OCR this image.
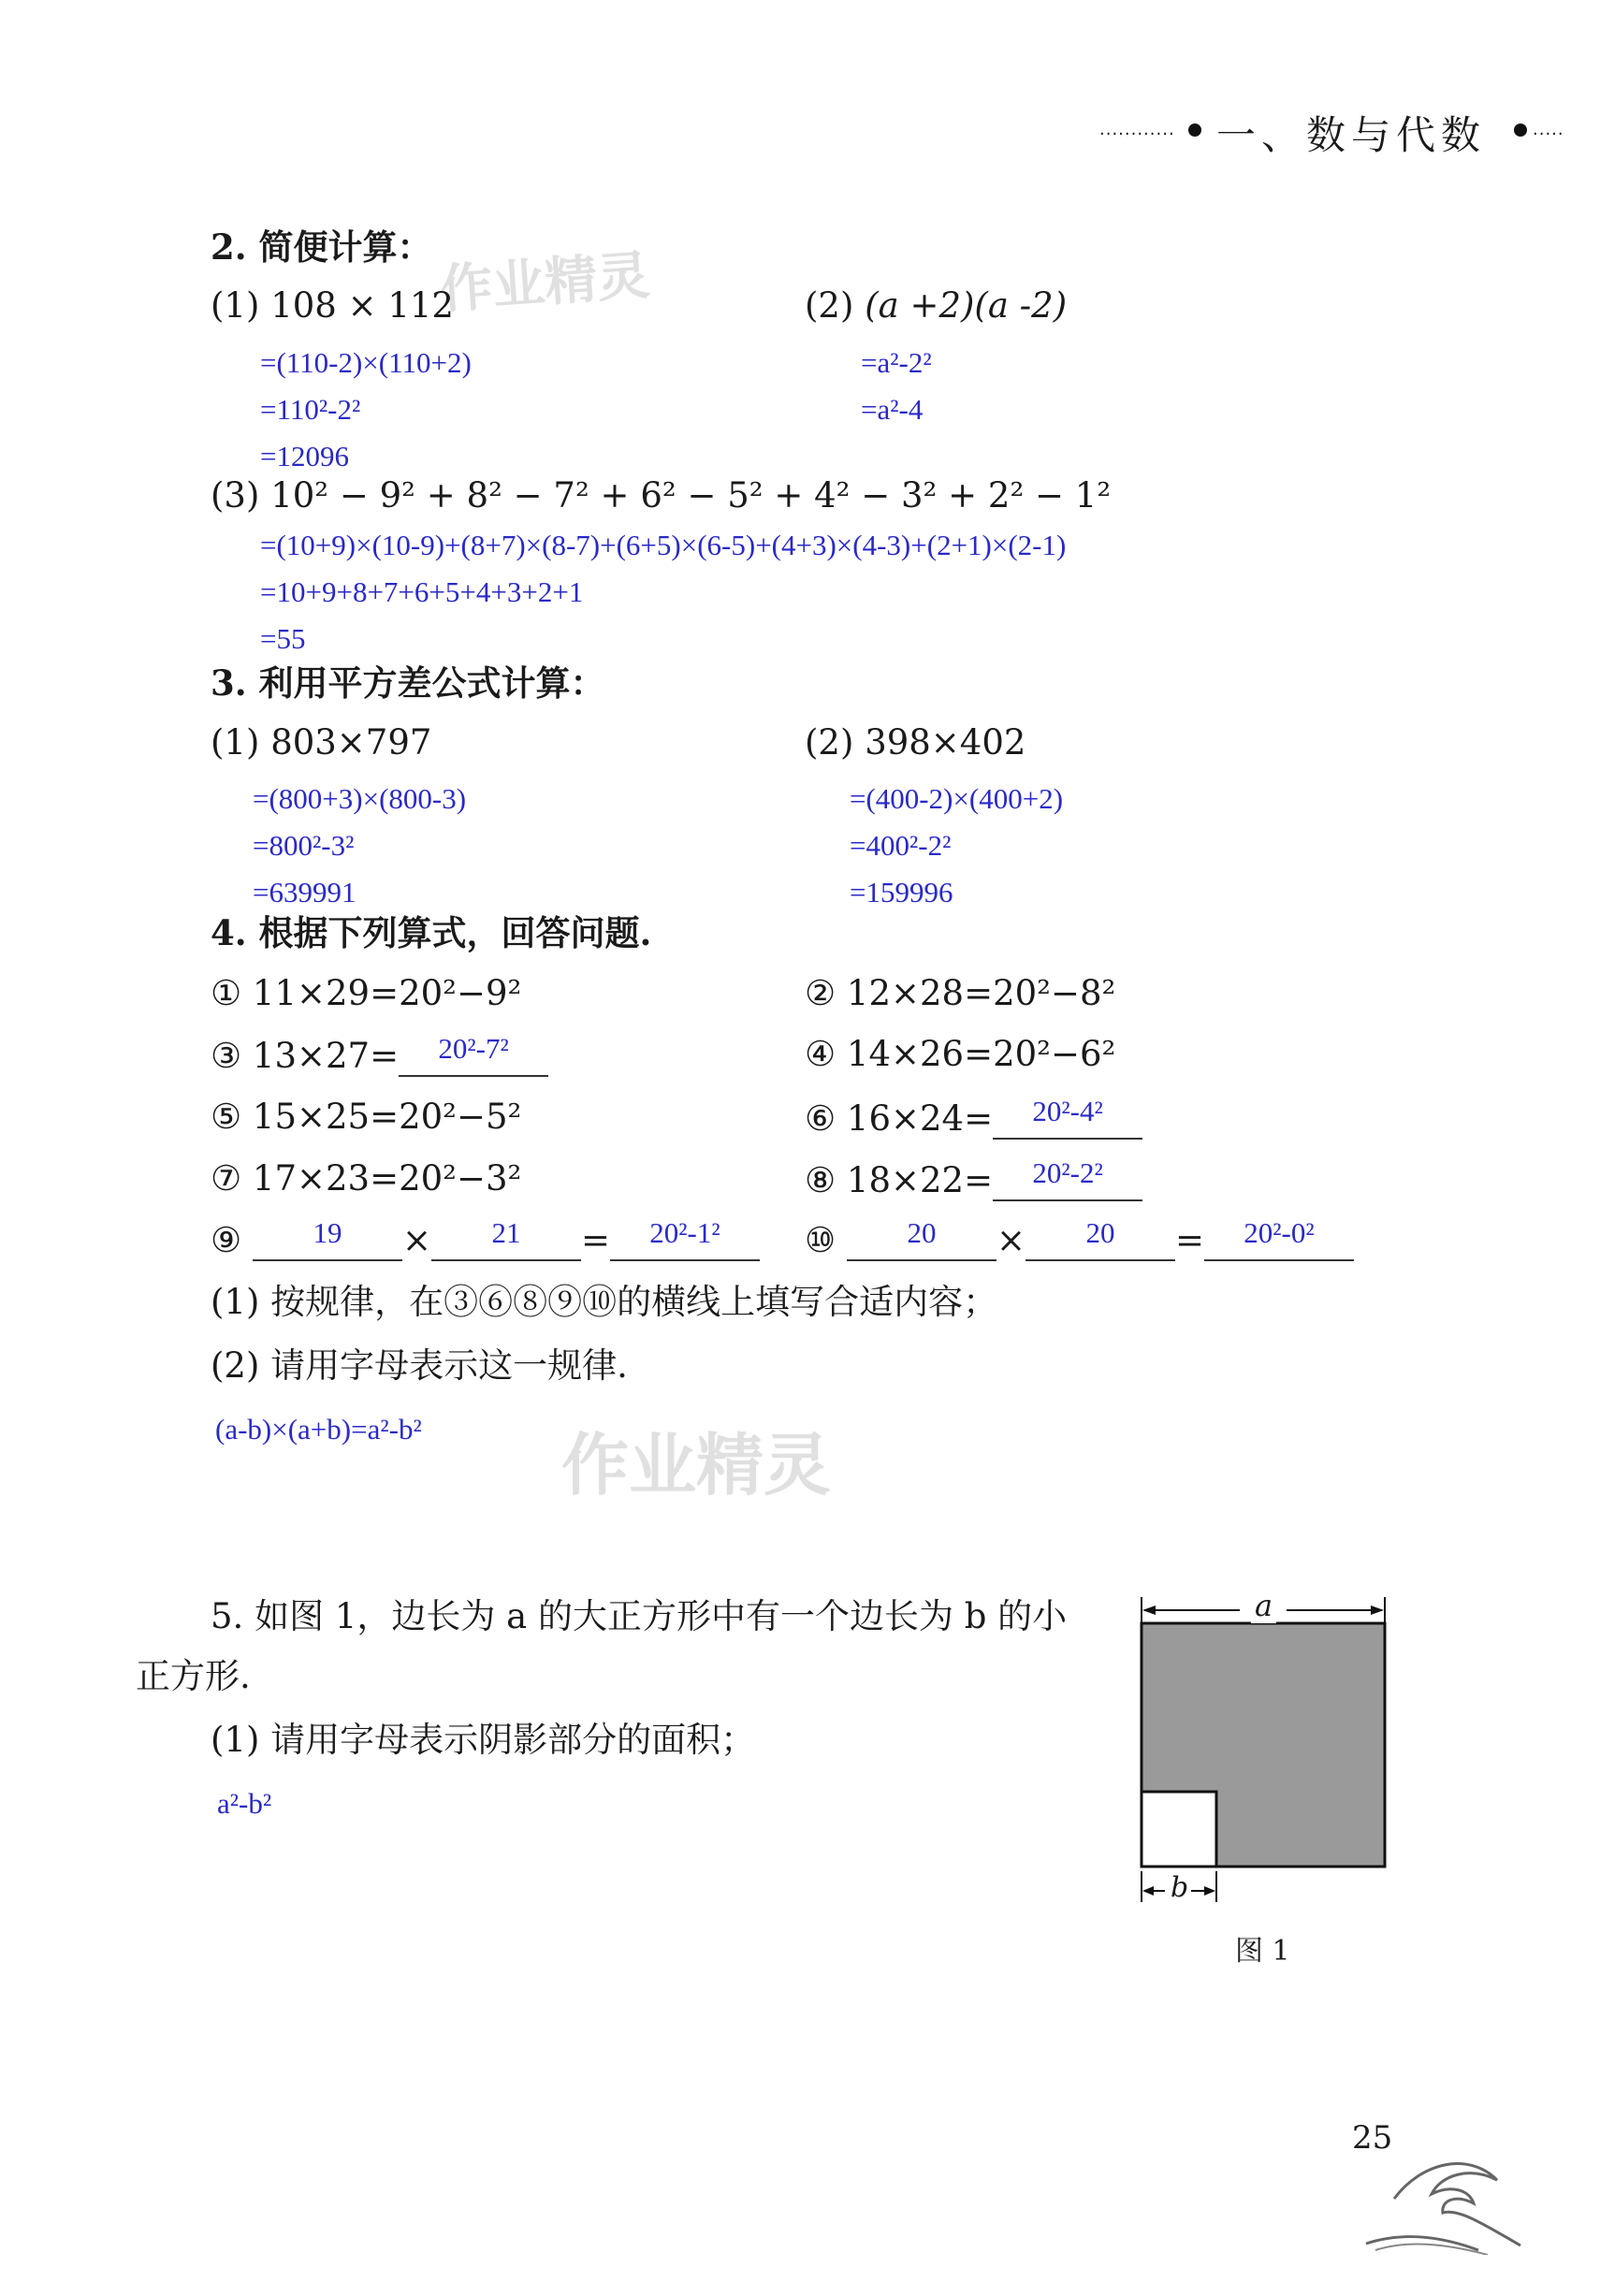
............ 一、数与代数	.....
作业精灵
作业精灵
2. 简便计算：
(1) 108 × 112
=(110-2)×(110+2)
=110²-2²
=12096
(2) (a +2)(a -2)
=a²-2²
=a²-4
(3) 10² − 9² + 8² − 7² + 6² − 5² + 4² − 3² + 2² − 1²
=(10+9)×(10-9)+(8+7)×(8-7)+(6+5)×(6-5)+(4+3)×(4-3)+(2+1)×(2-1)
=10+9+8+7+6+5+4+3+2+1
=55
3. 利用平方差公式计算：
(1) 803×797
=(800+3)×(800-3)
=800²-3²
=639991
(2) 398×402
=(400-2)×(400+2)
=400²-2²
=159996
4. 根据下列算式，回答问题.
① 11×29=20²−9²	② 12×28=20²−8²
③ 13×27= $^{20^2-7^2}$	④ 14×26=20²−6²
⑤ 15×25=20²−5²	⑥ 16×24= $^{20^2-4^2}$
⑦ 17×23=20²−3²	⑧ 18×22= $^{20^2-2^2}$
⑨ $^{19}$ × $^{21}$ = $^{20^2-1^2}$	⑩ $^{20}$ × $^{20}$ = $^{20^2-0^2}$
(1) 按规律，在③⑥⑧⑨⑩的横线上填写合适内容；
(2) 请用字母表示这一规律.
(a-b)×(a+b)=a²-b²
5. 如图 1，边长为 a 的大正方形中有一个边长为 b 的小
正方形.
(1) 请用字母表示阴影部分的面积；
a²-b²
a
b
图 1
25
